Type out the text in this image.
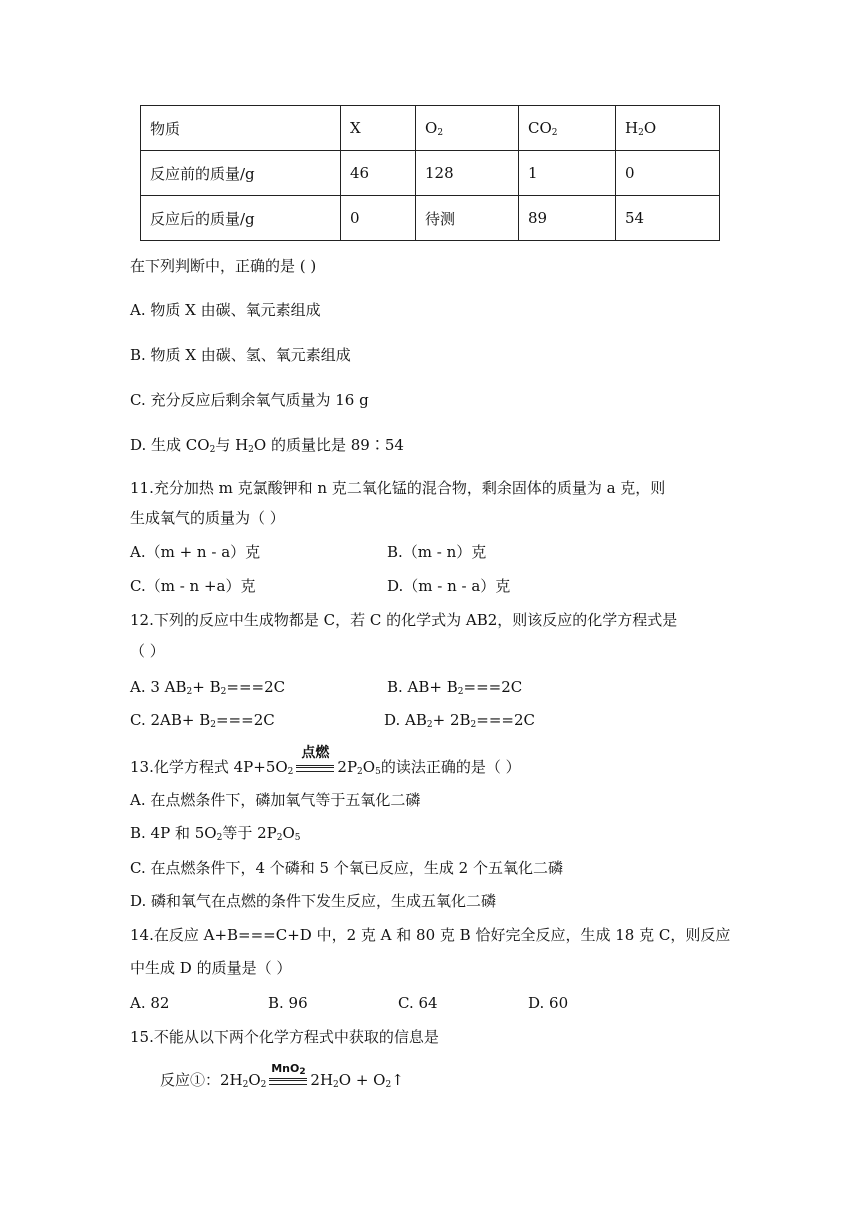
物质	X	$O_2$	$CO_2$	$H_2O$
反应前的质量/g	46	128	1	0
反应后的质量/g	0	待测	89	54
在下列判断中，正确的是 ( )
A. 物质 X 由碳、氧元素组成
B. 物质 X 由碳、氢、氧元素组成
C. 充分反应后剩余氧气质量为 16 g
D. 生成 $CO_2$与 $H_2O$ 的质量比是 89∶54
11.充分加热 m 克氯酸钾和 n 克二氧化锰的混合物，剩余固体的质量为 a 克，则
生成氧气的质量为（ ）
A.（m + n - a）克	B.（m - n）克
C.（m - n +a）克	D.（m - n - a）克
12.下列的反应中生成物都是 C，若 C 的化学式为 AB2，则该反应的化学方程式是
（ ）
A. 3 $AB_2+ B_2===2C$	B. $AB+ B_2===2C$
C. $2AB+ B_2===2C$	D. $AB_2+ 2B_2===2C$
13.化学方程式 $4P+5O_2$
点燃
$2P_2O_5$的读法正确的是（ ）
A. 在点燃条件下，磷加氧气等于五氧化二磷
B. 4P 和 $5O_2$等于 $2P_2O_5$
C. 在点燃条件下，4 个磷和 5 个氧已反应，生成 2 个五氧化二磷
D. 磷和氧气在点燃的条件下发生反应，生成五氧化二磷
14.在反应 A+B===C+D 中，2 克 A 和 80 克 B 恰好完全反应，生成 18 克 C，则反应
中生成 D 的质量是（ ）
A. 82	B. 96	C. 64	D. 60
15.不能从以下两个化学方程式中获取的信息是
反应①：$2H_2O_2$
MnO$_2$ $2H_2O$ + $O_2↑$
